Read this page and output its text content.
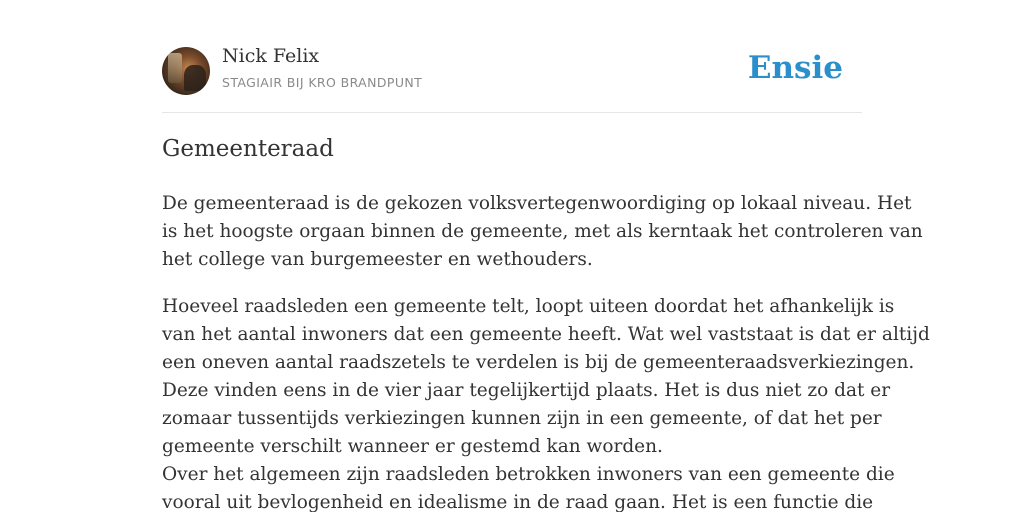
Nick Felix
STAGIAIR BIJ KRO BRANDPUNT	Ensie
Gemeenteraad
De gemeenteraad is de gekozen volksvertegenwoordiging op lokaal niveau. Het
is het hoogste orgaan binnen de gemeente, met als kerntaak het controleren van
het college van burgemeester en wethouders.
Hoeveel raadsleden een gemeente telt, loopt uiteen doordat het afhankelijk is
van het aantal inwoners dat een gemeente heeft. Wat wel vaststaat is dat er altijd
een oneven aantal raadszetels te verdelen is bij de gemeenteraadsverkiezingen.
Deze vinden eens in de vier jaar tegelijkertijd plaats. Het is dus niet zo dat er
zomaar tussentijds verkiezingen kunnen zijn in een gemeente, of dat het per
gemeente verschilt wanneer er gestemd kan worden.
Over het algemeen zijn raadsleden betrokken inwoners van een gemeente die
vooral uit bevlogenheid en idealisme in de raad gaan. Het is een functie die
